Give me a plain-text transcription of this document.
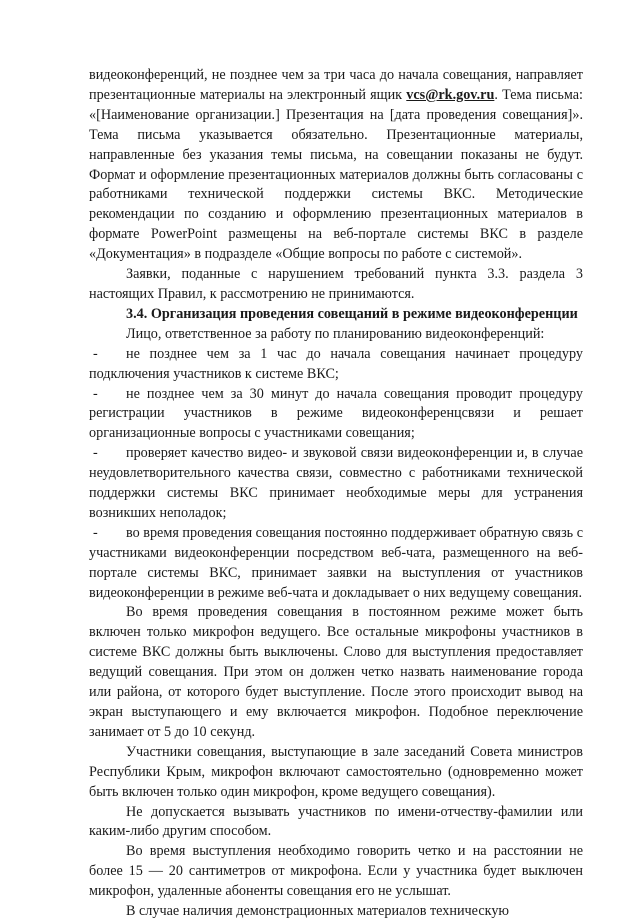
видеоконференций, не позднее чем за три часа до начала совещания, направляет презентационные материалы на электронный ящик vcs@rk.gov.ru. Тема письма: «[Наименование организации.] Презентация на [дата проведения совещания]». Тема письма указывается обязательно. Презентационные материалы, направленные без указания темы письма, на совещании показаны не будут. Формат и оформление презентационных материалов должны быть согласованы с работниками технической поддержки системы ВКС. Методические рекомендации по созданию и оформлению презентационных материалов в формате PowerPoint размещены на веб-портале системы ВКС в разделе «Документация» в подразделе «Общие вопросы по работе с системой».

Заявки, поданные с нарушением требований пункта 3.3. раздела 3 настоящих Правил, к рассмотрению не принимаются.

3.4. Организация проведения совещаний в режиме видеоконференции

Лицо, ответственное за работу по планированию видеоконференций:

- не позднее чем за 1 час до начала совещания начинает процедуру подключения участников к системе ВКС;

- не позднее чем за 30 минут до начала совещания проводит процедуру регистрации участников в режиме видеоконференцсвязи и решает организационные вопросы с участниками совещания;

- проверяет качество видео- и звуковой связи видеоконференции и, в случае неудовлетворительного качества связи, совместно с работниками технической поддержки системы ВКС принимает необходимые меры для устранения возникших неполадок;

- во время проведения совещания постоянно поддерживает обратную связь с участниками видеоконференции посредством веб-чата, размещенного на веб-портале системы ВКС, принимает заявки на выступления от участников видеоконференции в режиме веб-чата и докладывает о них ведущему совещания.

Во время проведения совещания в постоянном режиме может быть включен только микрофон ведущего. Все остальные микрофоны участников в системе ВКС должны быть выключены. Слово для выступления предоставляет ведущий совещания. При этом он должен четко назвать наименование города или района, от которого будет выступление. После этого происходит вывод на экран выступающего и ему включается микрофон. Подобное переключение занимает от 5 до 10 секунд.

Участники совещания, выступающие в зале заседаний Совета министров Республики Крым, микрофон включают самостоятельно (одновременно может быть включен только один микрофон, кроме ведущего совещания).

Не допускается вызывать участников по имени-отчеству-фамилии или каким-либо другим способом.

Во время выступления необходимо говорить четко и на расстоянии не более 15 — 20 сантиметров от микрофона. Если у участника будет выключен микрофон, удаленные абоненты совещания его не услышат.

В случае наличия демонстрационных материалов техническую
